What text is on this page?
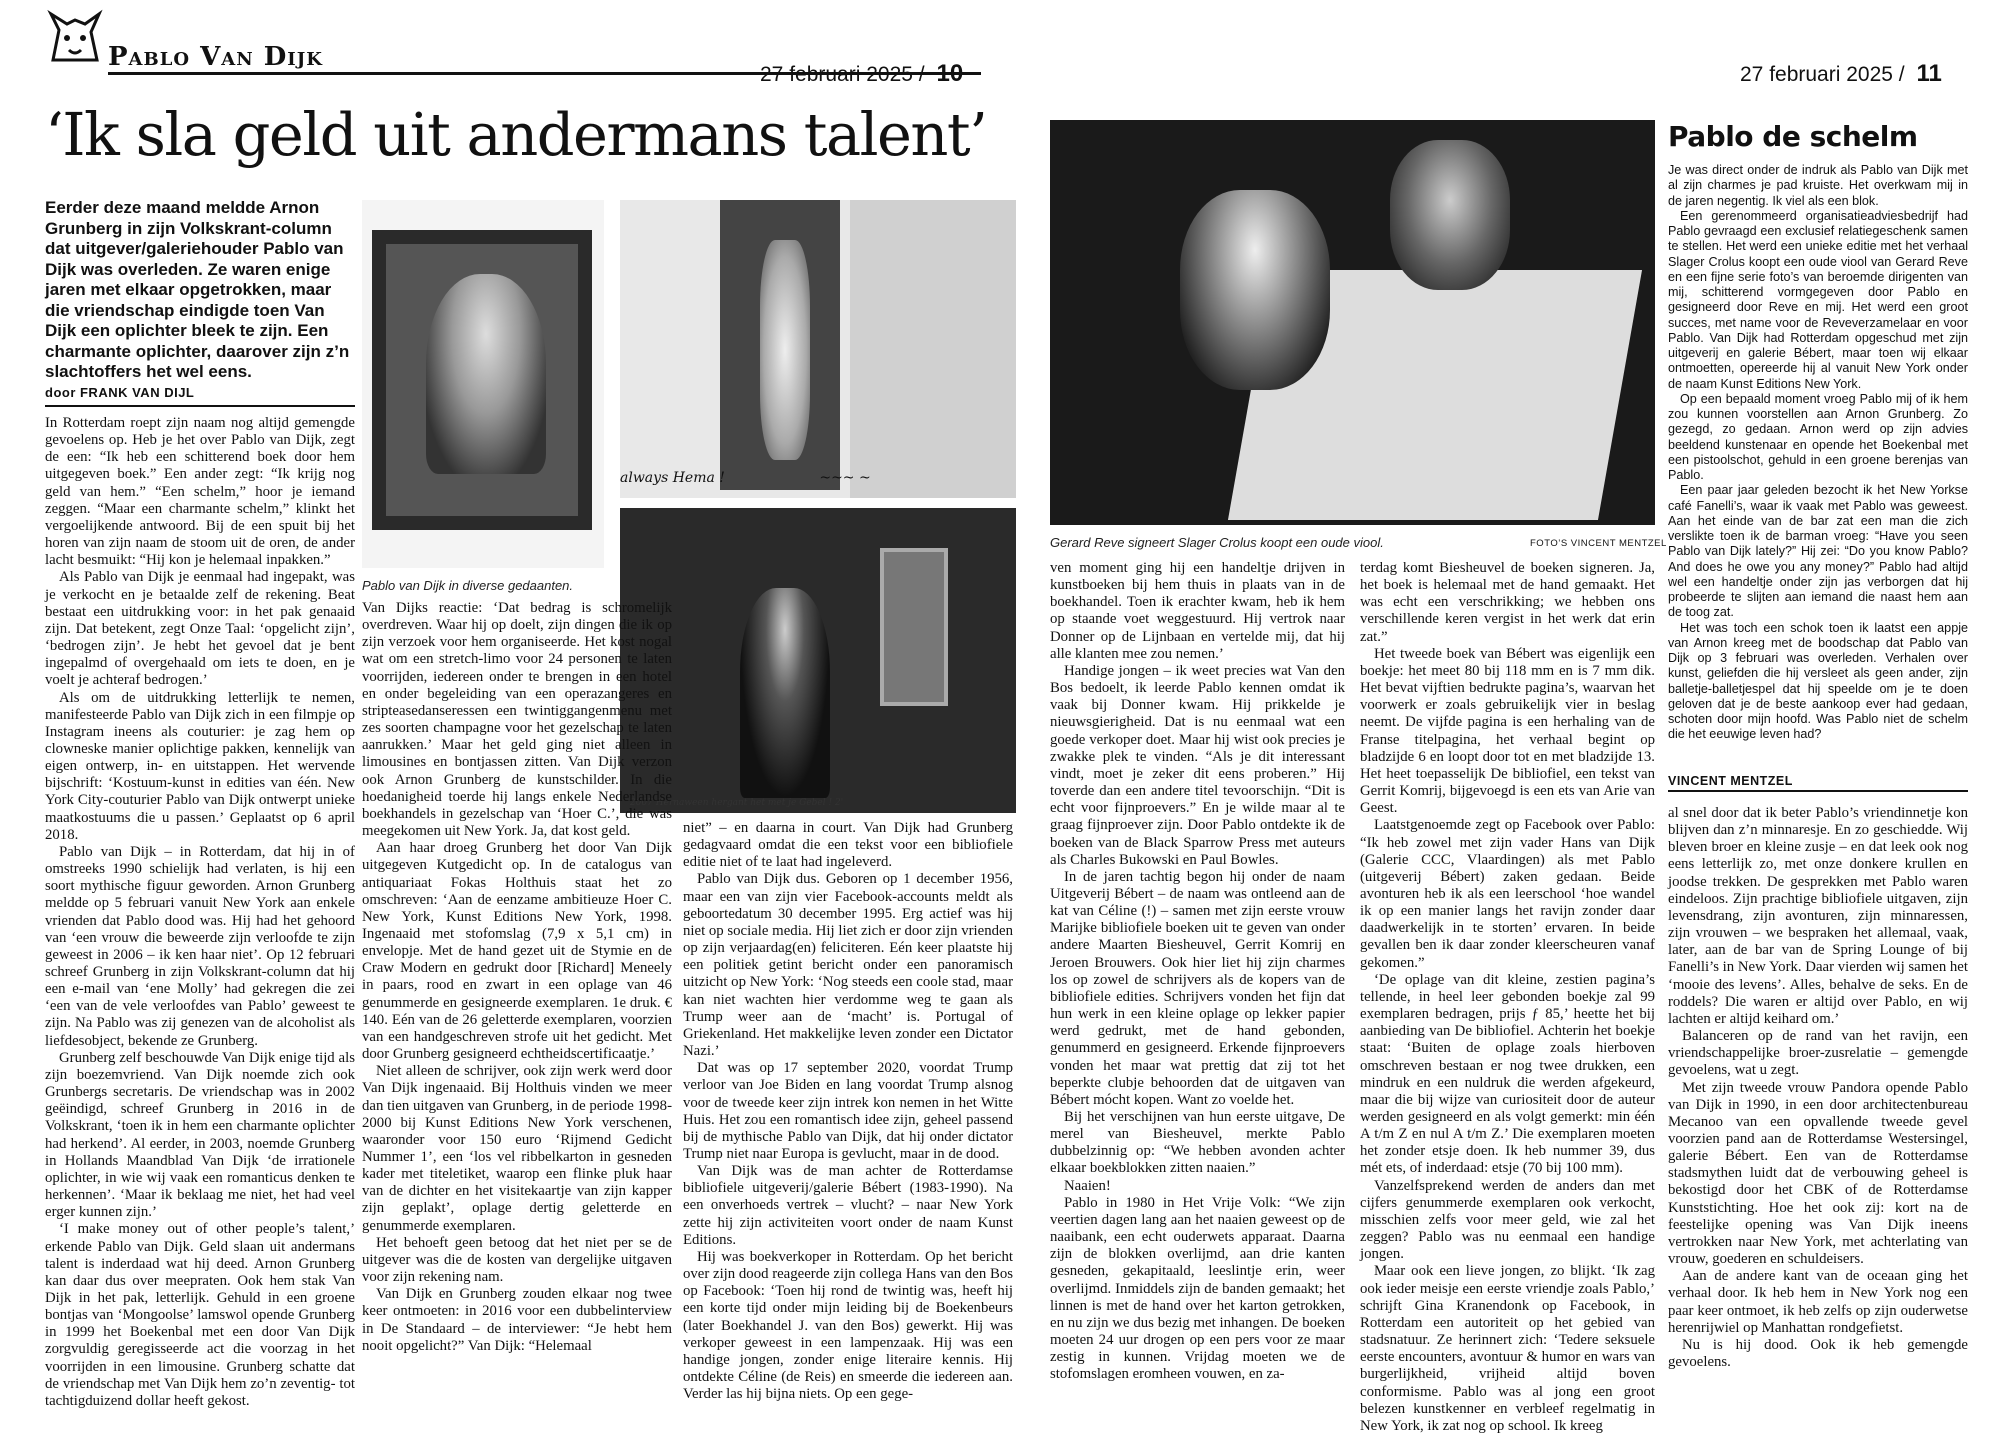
Pablo Van Dijk
27 februari 2025 / 10	27 februari 2025 / 11
‘Ik sla geld uit andermans talent’
Eerder deze maand meldde Arnon Grunberg in zijn Volkskrant-column dat uitgever/galeriehouder Pablo van Dijk was overleden. Ze waren enige jaren met elkaar opgetrokken, maar die vriendschap eindigde toen Van Dijk een oplichter bleek te zijn. Een charmante oplichter, daarover zijn z’n slachtoffers het wel eens.
door FRANK VAN DIJL
always Hema !	~~~ ~
2007 Hernaween hergant het met je Gebel ! 2'
Pablo van Dijk in diverse gedaanten.
Gerard Reve signeert Slager Crolus koopt een oude viool.	FOTO’S VINCENT MENTZEL

In Rotterdam roept zijn naam nog altijd gemengde gevoelens op. Heb je het over Pablo van Dijk, zegt de een: “Ik heb een schitterend boek door hem uitgegeven boek.” Een ander zegt: “Ik krijg nog geld van hem.” “Een schelm,” hoor je iemand zeggen. “Maar een charmante schelm,” klinkt het vergoelijkende antwoord. Bij de een spuit bij het horen van zijn naam de stoom uit de oren, de ander lacht besmuikt: “Hij kon je helemaal inpakken.”

Als Pablo van Dijk je eenmaal had ingepakt, was je verkocht en je betaalde zelf de rekening. Beat bestaat een uitdrukking voor: in het pak genaaid zijn. Dat betekent, zegt Onze Taal: ‘opgelicht zijn’, ‘bedrogen zijn’. Je hebt het gevoel dat je bent ingepalmd of overgehaald om iets te doen, en je voelt je achteraf bedrogen.’

Als om de uitdrukking letterlijk te nemen, manifesteerde Pablo van Dijk zich in een filmpje op Instagram ineens als couturier: je zag hem op clowneske manier oplichtige pakken, kennelijk van eigen ontwerp, in- en uitstappen. Het wervende bijschrift: ‘Kostuum-kunst in edities van één. New York City-couturier Pablo van Dijk ontwerpt unieke maatkostuums die u passen.’ Geplaatst op 6 april 2018.

Pablo van Dijk – in Rotterdam, dat hij in of omstreeks 1990 schielijk had verlaten, is hij een soort mythische figuur geworden. Arnon Grunberg meldde op 5 februari vanuit New York aan enkele vrienden dat Pablo dood was. Hij had het gehoord van ‘een vrouw die beweerde zijn verloofde te zijn geweest in 2006 – ik ken haar niet’. Op 12 februari schreef Grunberg in zijn Volkskrant-column dat hij een e-mail van ‘ene Molly’ had gekregen die zei ‘een van de vele verloofdes van Pablo’ geweest te zijn. Na Pablo was zij genezen van de alcoholist als liefdesobject, bekende ze Grunberg.

Grunberg zelf beschouwde Van Dijk enige tijd als zijn boezemvriend. Van Dijk noemde zich ook Grunbergs secretaris. De vriendschap was in 2002 geëindigd, schreef Grunberg in 2016 in de Volkskrant, ‘toen ik in hem een charmante oplichter had herkend’. Al eerder, in 2003, noemde Grunberg in Hollands Maandblad Van Dijk ‘de irrationele oplichter, in wie wij vaak een romanticus denken te herkennen’. ‘Maar ik beklaag me niet, het had veel erger kunnen zijn.’

‘I make money out of other people’s talent,’ erkende Pablo van Dijk. Geld slaan uit andermans talent is inderdaad wat hij deed. Arnon Grunberg kan daar dus over meepraten. Ook hem stak Van Dijk in het pak, letterlijk. Gehuld in een groene bontjas van ‘Mongoolse’ lamswol opende Grunberg in 1999 het Boekenbal met een door Van Dijk zorgvuldig geregisseerde act die voorzag in het voorrijden in een limousine. Grunberg schatte dat de vriendschap met Van Dijk hem zo’n zeventig- tot tachtigduizend dollar heeft gekost.

Van Dijks reactie: ‘Dat bedrag is schromelijk overdreven. Waar hij op doelt, zijn dingen die ik op zijn verzoek voor hem organiseerde. Het kost nogal wat om een stretch-limo voor 24 personen te laten voorrijden, iedereen onder te brengen in een hotel en onder begeleiding van een operazangeres en stripteasedanseressen een twintiggangenmenu met zes soorten champagne voor het gezelschap te laten aanrukken.’ Maar het geld ging niet alleen in limousines en bontjassen zitten. Van Dijk verzon ook Arnon Grunberg de kunstschilder. In die hoedanigheid toerde hij langs enkele Nederlandse boekhandels in gezelschap van ‘Hoer C.’, die was meegekomen uit New York. Ja, dat kost geld.

Aan haar droeg Grunberg het door Van Dijk uitgegeven Kutgedicht op. In de catalogus van antiquariaat Fokas Holthuis staat het zo omschreven: ‘Aan de eenzame ambitieuze Hoer C. New York, Kunst Editions New York, 1998. Ingenaaid met stofomslag (7,9 x 5,1 cm) in envelopje. Met de hand gezet uit de Stymie en de Craw Modern en gedrukt door [Richard] Meneely in paars, rood en zwart in een oplage van 46 genummerde en gesigneerde exemplaren. 1e druk. € 140. Eén van de 26 geletterde exemplaren, voorzien van een handgeschreven strofe uit het gedicht. Met door Grunberg gesigneerd echtheidscertificaatje.’

Niet alleen de schrijver, ook zijn werk werd door Van Dijk ingenaaid. Bij Holthuis vinden we meer dan tien uitgaven van Grunberg, in de periode 1998-2000 bij Kunst Editions New York verschenen, waaronder voor 150 euro ‘Rijmend Gedicht Nummer 1’, een ‘los vel ribbelkarton in gesneden kader met titeletiket, waarop een flinke pluk haar van de dichter en het visitekaartje van zijn kapper zijn geplakt’, oplage dertig geletterde en genummerde exemplaren.

Het behoeft geen betoog dat het niet per se de uitgever was die de kosten van dergelijke uitgaven voor zijn rekening nam.

Van Dijk en Grunberg zouden elkaar nog twee keer ontmoeten: in 2016 voor een dubbelinterview in De Standaard – de interviewer: “Je hebt hem nooit opgelicht?” Van Dijk: “Helemaal

niet” – en daarna in court. Van Dijk had Grunberg gedagvaard omdat die een tekst voor een bibliofiele editie niet of te laat had ingeleverd.

Pablo van Dijk dus. Geboren op 1 december 1956, maar een van zijn vier Facebook-accounts meldt als geboortedatum 30 december 1995. Erg actief was hij niet op sociale media. Hij liet zich er door zijn vrienden op zijn verjaardag(en) feliciteren. Eén keer plaatste hij een politiek getint bericht onder een panoramisch uitzicht op New York: ‘Nog steeds een coole stad, maar kan niet wachten hier verdomme weg te gaan als Trump weer aan de ‘macht’ is. Portugal of Griekenland. Het makkelijke leven zonder een Dictator Nazi.’

Dat was op 17 september 2020, voordat Trump verloor van Joe Biden en lang voordat Trump alsnog voor de tweede keer zijn intrek kon nemen in het Witte Huis. Het zou een romantisch idee zijn, geheel passend bij de mythische Pablo van Dijk, dat hij onder dictator Trump niet naar Europa is gevlucht, maar in de dood.

Van Dijk was de man achter de Rotterdamse bibliofiele uitgeverij/galerie Bébert (1983-1990). Na een onverhoeds vertrek – vlucht? – naar New York zette hij zijn activiteiten voort onder de naam Kunst Editions.

Hij was boekverkoper in Rotterdam. Op het bericht over zijn dood reageerde zijn collega Hans van den Bos op Facebook: ‘Toen hij rond de twintig was, heeft hij een korte tijd onder mijn leiding bij de Boekenbeurs (later Boekhandel J. van den Bos) gewerkt. Hij was verkoper geweest in een lampenzaak. Hij was een handige jongen, zonder enige literaire kennis. Hij ontdekte Céline (de Reis) en smeerde die iedereen aan. Verder las hij bijna niets. Op een gege-

ven moment ging hij een handeltje drijven in kunstboeken bij hem thuis in plaats van in de boekhandel. Toen ik erachter kwam, heb ik hem op staande voet weggestuurd. Hij vertrok naar Donner op de Lijnbaan en vertelde mij, dat hij alle klanten mee zou nemen.’

Handige jongen – ik weet precies wat Van den Bos bedoelt, ik leerde Pablo kennen omdat ik vaak bij Donner kwam. Hij prikkelde je nieuwsgierigheid. Dat is nu eenmaal wat een goede verkoper doet. Maar hij wist ook precies je zwakke plek te vinden. “Als je dit interessant vindt, moet je zeker dit eens proberen.” Hij toverde dan een andere titel tevoorschijn. “Dit is echt voor fijnproevers.” En je wilde maar al te graag fijnproever zijn. Door Pablo ontdekte ik de boeken van de Black Sparrow Press met auteurs als Charles Bukowski en Paul Bowles.

In de jaren tachtig begon hij onder de naam Uitgeverij Bébert – de naam was ontleend aan de kat van Céline (!) – samen met zijn eerste vrouw Marijke bibliofiele boeken uit te geven van onder andere Maarten Biesheuvel, Gerrit Komrij en Jeroen Brouwers. Ook hier liet hij zijn charmes los op zowel de schrijvers als de kopers van de bibliofiele edities. Schrijvers vonden het fijn dat hun werk in een kleine oplage op lekker papier werd gedrukt, met de hand gebonden, genummerd en gesigneerd. Erkende fijnproevers vonden het maar wat prettig dat zij tot het beperkte clubje behoorden dat de uitgaven van Bébert mócht kopen. Want zo voelde het.

Bij het verschijnen van hun eerste uitgave, De merel van Biesheuvel, merkte Pablo dubbelzinnig op: “We hebben avonden achter elkaar boekblokken zitten naaien.”

Naaien!

Pablo in 1980 in Het Vrije Volk: “We zijn veertien dagen lang aan het naaien geweest op de naaibank, een echt ouderwets apparaat. Daarna zijn de blokken overlijmd, aan drie kanten gesneden, gekapitaald, leeslintje erin, weer overlijmd. Inmiddels zijn de banden gemaakt; het linnen is met de hand over het karton getrokken, en nu zijn we dus bezig met inhangen. De boeken moeten 24 uur drogen op een pers voor ze maar zestig in kunnen. Vrijdag moeten we de stofomslagen eromheen vouwen, en za-

terdag komt Biesheuvel de boeken signeren. Ja, het boek is helemaal met de hand gemaakt. Het was echt een verschrikking; we hebben ons verschillende keren vergist in het werk dat erin zat.”

Het tweede boek van Bébert was eigenlijk een boekje: het meet 80 bij 118 mm en is 7 mm dik. Het bevat vijftien bedrukte pagina’s, waarvan het voorwerk er zoals gebruikelijk vier in beslag neemt. De vijfde pagina is een herhaling van de Franse titelpagina, het verhaal begint op bladzijde 6 en loopt door tot en met bladzijde 13. Het heet toepasselijk De bibliofiel, een tekst van Gerrit Komrij, bijgevoegd is een ets van Arie van Geest.

Laatstgenoemde zegt op Facebook over Pablo: “Ik heb zowel met zijn vader Hans van Dijk (Galerie CCC, Vlaardingen) als met Pablo (uitgeverij Bébert) zaken gedaan. Beide avonturen heb ik als een leerschool ‘hoe wandel ik op een manier langs het ravijn zonder daar daadwerkelijk in te storten’ ervaren. In beide gevallen ben ik daar zonder kleerscheuren vanaf gekomen.”

‘De oplage van dit kleine, zestien pagina’s tellende, in heel leer gebonden boekje zal 99 exemplaren bedragen, prijs ƒ 85,’ heette het bij aanbieding van De bibliofiel. Achterin het boekje staat: ‘Buiten de oplage zoals hierboven omschreven bestaan er nog twee drukken, een mindruk en een nuldruk die werden afgekeurd, maar die bij wijze van curiositeit door de auteur werden gesigneerd en als volgt gemerkt: min één A t/m Z en nul A t/m Z.’ Die exemplaren moeten het zonder etsje doen. Ik heb nummer 39, dus mét ets, of inderdaad: etsje (70 bij 100 mm).

Vanzelfsprekend werden de anders dan met cijfers genummerde exemplaren ook verkocht, misschien zelfs voor meer geld, wie zal het zeggen? Pablo was nu eenmaal een handige jongen.

Maar ook een lieve jongen, zo blijkt. ‘Ik zag ook ieder meisje een eerste vriendje zoals Pablo,’ schrijft Gina Kranendonk op Facebook, in Rotterdam een autoriteit op het gebied van stadsnatuur. Ze herinnert zich: ‘Tedere seksuele eerste encounters, avontuur & humor en wars van burgerlijkheid, vrijheid altijd boven conformisme. Pablo was al jong een groot belezen kunstkenner en verbleef regelmatig in New York, ik zat nog op school. Ik kreeg

Pablo de schelm

Je was direct onder de indruk als Pablo van Dijk met al zijn charmes je pad kruiste. Het overkwam mij in de jaren negentig. Ik viel als een blok.

Een gerenommeerd organisatieadviesbedrijf had Pablo gevraagd een exclusief relatiegeschenk samen te stellen. Het werd een unieke editie met het verhaal Slager Crolus koopt een oude viool van Gerard Reve en een fijne serie foto’s van beroemde dirigenten van mij, schitterend vormgegeven door Pablo en gesigneerd door Reve en mij. Het werd een groot succes, met name voor de Reveverzamelaar en voor Pablo. Van Dijk had Rotterdam opgeschud met zijn uitgeverij en galerie Bébert, maar toen wij elkaar ontmoetten, opereerde hij al vanuit New York onder de naam Kunst Editions New York.

Op een bepaald moment vroeg Pablo mij of ik hem zou kunnen voorstellen aan Arnon Grunberg. Zo gezegd, zo gedaan. Arnon werd op zijn advies beeldend kunstenaar en opende het Boekenbal met een pistoolschot, gehuld in een groene berenjas van Pablo.

Een paar jaar geleden bezocht ik het New Yorkse café Fanelli’s, waar ik vaak met Pablo was geweest. Aan het einde van de bar zat een man die zich verslikte toen ik de barman vroeg: “Have you seen Pablo van Dijk lately?” Hij zei: “Do you know Pablo? And does he owe you any money?” Pablo had altijd wel een handeltje onder zijn jas verborgen dat hij probeerde te slijten aan iemand die naast hem aan de toog zat.

Het was toch een schok toen ik laatst een appje van Arnon kreeg met de boodschap dat Pablo van Dijk op 3 februari was overleden. Verhalen over kunst, geliefden die hij versleet als geen ander, zijn balletje-balletjespel dat hij speelde om je te doen geloven dat je de beste aankoop ever had gedaan, schoten door mijn hoofd. Was Pablo niet de schelm die het eeuwige leven had?

VINCENT MENTZEL

al snel door dat ik beter Pablo’s vriendinnetje kon blijven dan z’n minnaresje. En zo geschiedde. Wij bleven broer en kleine zusje – en dat leek ook nog eens letterlijk zo, met onze donkere krullen en joodse trekken. De gesprekken met Pablo waren eindeloos. Zijn prachtige bibliofiele uitgaven, zijn levensdrang, zijn avonturen, zijn minnaressen, zijn vrouwen – we bespraken het allemaal, vaak, later, aan de bar van de Spring Lounge of bij Fanelli’s in New York. Daar vierden wij samen het ‘mooie des levens’. Alles, behalve de seks. En de roddels? Die waren er altijd over Pablo, en wij lachten er altijd keihard om.’

Balanceren op de rand van het ravijn, een vriendschappelijke broer-zusrelatie – gemengde gevoelens, wat u zegt.

Met zijn tweede vrouw Pandora opende Pablo van Dijk in 1990, in een door architectenbureau Mecanoo van een opvallende tweede gevel voorzien pand aan de Rotterdamse Westersingel, galerie Bébert. Een van de Rotterdamse stadsmythen luidt dat de verbouwing geheel is bekostigd door het CBK of de Rotterdamse Kunststichting. Hoe het ook zij: kort na de feestelijke opening was Van Dijk ineens vertrokken naar New York, met achterlating van vrouw, goederen en schuldeisers.

Aan de andere kant van de oceaan ging het verhaal door. Ik heb hem in New York nog een paar keer ontmoet, ik heb zelfs op zijn ouderwetse herenrijwiel op Manhattan rondgefietst.

Nu is hij dood. Ook ik heb gemengde gevoelens.
